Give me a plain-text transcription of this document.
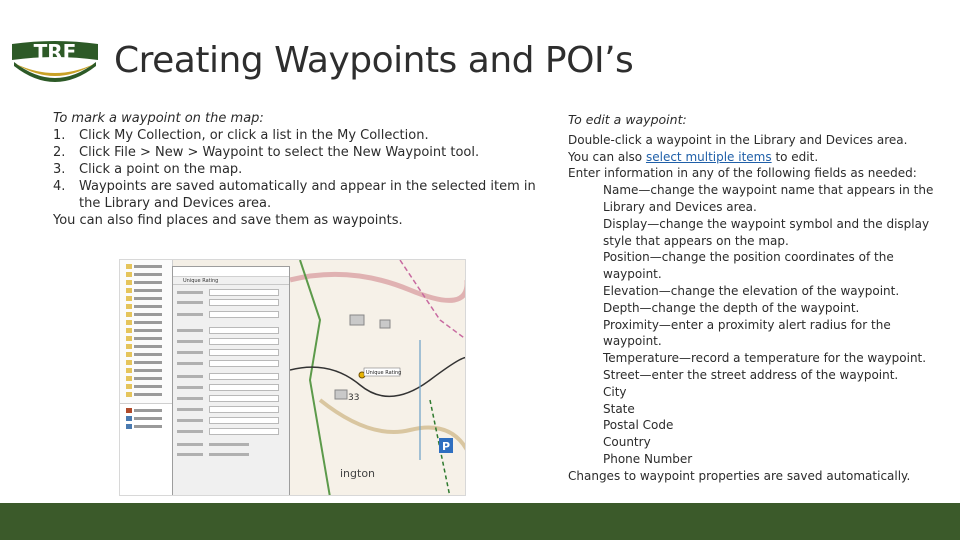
TRF Creating Waypoints and POI’s
To mark a waypoint on the map:
1.	Click My Collection, or click a list in the My Collection.
2.	Click File > New > Waypoint to select the New Waypoint tool.
3.	Click a point on the map.
4.	Waypoints are saved automatically and appear in the selected item in the Library and Devices area.
You can also find places and save them as waypoints.
Unique Rating
Unique Rating
33
ington
P
To edit a waypoint:
Double-click a waypoint in the Library and Devices area.
You can also select multiple items to edit.
Enter information in any of the following fields as needed:
Name—change the waypoint name that appears in the Library and Devices area.
Display—change the waypoint symbol and the display style that appears on the map.
Position—change the position coordinates of the waypoint.
Elevation—change the elevation of the waypoint.
Depth—change the depth of the waypoint.
Proximity—enter a proximity alert radius for the waypoint.
Temperature—record a temperature for the waypoint.
Street—enter the street address of the waypoint.
City
State
Postal Code
Country
Phone Number
Changes to waypoint properties are saved automatically.
